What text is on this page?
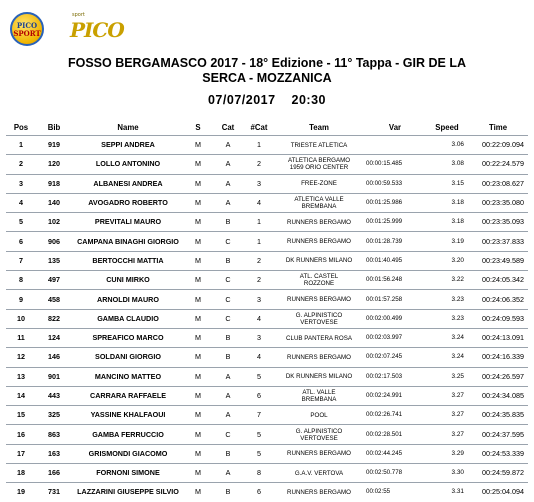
PICO
SPORT
sport
PICO
FOSSO BERGAMASCO 2017 - 18° Edizione - 11° Tappa - GIR DE LA
SERCA - MOZZANICA
07/07/2017 20:30
Pos	Bib	Name	S	Cat	#Cat	Team	Var	Speed	Time
1	919	SEPPI ANDREA	M	A	1	TRIESTE ATLETICA		3.06	00:22:09.094
2	120	LOLLO ANTONINO	M	A	2	ATLETICA BERGAMO
1959 ORIO CENTER	00:00:15.485	3.08	00:22:24.579
3	918	ALBANESI ANDREA	M	A	3	FREE-ZONE	00:00:59.533	3.15	00:23:08.627
4	140	AVOGADRO ROBERTO	M	A	4	ATLETICA VALLE
BREMBANA	00:01:25.986	3.18	00:23:35.080
5	102	PREVITALI MAURO	M	B	1	RUNNERS BERGAMO	00:01:25.999	3.18	00:23:35.093
6	906	CAMPANA BINAGHI GIORGIO	M	C	1	RUNNERS BERGAMO	00:01:28.739	3.19	00:23:37.833
7	135	BERTOCCHI MATTIA	M	B	2	DK RUNNERS MILANO	00:01:40.495	3.20	00:23:49.589
8	497	CUNI MIRKO	M	C	2	ATL. CASTEL
ROZZONE	00:01:56.248	3.22	00:24:05.342
9	458	ARNOLDI MAURO	M	C	3	RUNNERS BERGAMO	00:01:57.258	3.23	00:24:06.352
10	822	GAMBA CLAUDIO	M	C	4	G. ALPINISTICO
VERTOVESE	00:02:00.499	3.23	00:24:09.593
11	124	SPREAFICO MARCO	M	B	3	CLUB PANTERA ROSA	00:02:03.997	3.24	00:24:13.091
12	146	SOLDANI GIORGIO	M	B	4	RUNNERS BERGAMO	00:02:07.245	3.24	00:24:16.339
13	901	MANCINO MATTEO	M	A	5	DK RUNNERS MILANO	00:02:17.503	3.25	00:24:26.597
14	443	CARRARA RAFFAELE	M	A	6	ATL. VALLE
BREMBANA	00:02:24.991	3.27	00:24:34.085
15	325	YASSINE KHALFAOUI	M	A	7	POOL	00:02:26.741	3.27	00:24:35.835
16	863	GAMBA FERRUCCIO	M	C	5	G. ALPINISTICO
VERTOVESE	00:02:28.501	3.27	00:24:37.595
17	163	GRISMONDI GIACOMO	M	B	5	RUNNERS BERGAMO	00:02:44.245	3.29	00:24:53.339
18	166	FORNONI SIMONE	M	A	8	G.A.V. VERTOVA	00:02:50.778	3.30	00:24:59.872
19	731	LAZZARINI GIUSEPPE SILVIO	M	B	6	RUNNERS BERGAMO	00:02:55	3.31	00:25:04.094
